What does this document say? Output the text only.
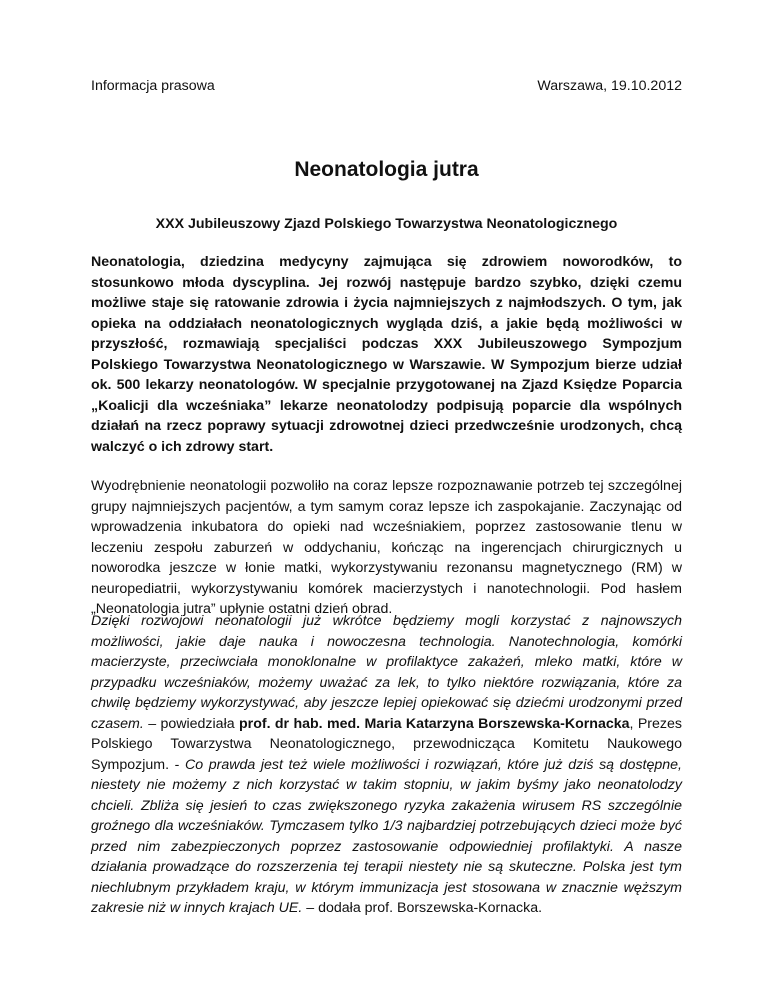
Informacja prasowa	Warszawa, 19.10.2012
Neonatologia jutra
XXX Jubileuszowy Zjazd Polskiego Towarzystwa Neonatologicznego

Neonatologia, dziedzina medycyny zajmująca się zdrowiem noworodków, to stosunkowo młoda dyscyplina. Jej rozwój następuje bardzo szybko, dzięki czemu możliwe staje się ratowanie zdrowia i życia najmniejszych z najmłodszych. O tym, jak opieka na oddziałach neonatologicznych wygląda dziś, a jakie będą możliwości w przyszłość, rozmawiają specjaliści podczas XXX Jubileuszowego Sympozjum Polskiego Towarzystwa Neonatologicznego w Warszawie. W Sympozjum bierze udział ok. 500 lekarzy neonatologów. W specjalnie przygotowanej na Zjazd Księdze Poparcia „Koalicji dla wcześniaka” lekarze neonatolodzy podpisują poparcie dla wspólnych działań na rzecz poprawy sytuacji zdrowotnej dzieci przedwcześnie urodzonych, chcą walczyć o ich zdrowy start.

Wyodrębnienie neonatologii pozwoliło na coraz lepsze rozpoznawanie potrzeb tej szczególnej grupy najmniejszych pacjentów, a tym samym coraz lepsze ich zaspokajanie. Zaczynając od wprowadzenia inkubatora do opieki nad wcześniakiem, poprzez zastosowanie tlenu w leczeniu zespołu zaburzeń w oddychaniu, kończąc na ingerencjach chirurgicznych u noworodka jeszcze w łonie matki, wykorzystywaniu rezonansu magnetycznego (RM) w neuropediatrii, wykorzystywaniu komórek macierzystych i nanotechnologii. Pod hasłem „Neonatologia jutra” upłynie ostatni dzień obrad.

Dzięki rozwojowi neonatologii już wkrótce będziemy mogli korzystać z najnowszych możliwości, jakie daje nauka i nowoczesna technologia. Nanotechnologia, komórki macierzyste, przeciwciała monoklonalne w profilaktyce zakażeń, mleko matki, które w przypadku wcześniaków, możemy uważać za lek, to tylko niektóre rozwiązania, które za chwilę będziemy wykorzystywać, aby jeszcze lepiej opiekować się dziećmi urodzonymi przed czasem. – powiedziała prof. dr hab. med. Maria Katarzyna Borszewska-Kornacka, Prezes Polskiego Towarzystwa Neonatologicznego, przewodnicząca Komitetu Naukowego Sympozjum. - Co prawda jest też wiele możliwości i rozwiązań, które już dziś są dostępne, niestety nie możemy z nich korzystać w takim stopniu, w jakim byśmy jako neonatolodzy chcieli. Zbliża się jesień to czas zwiększonego ryzyka zakażenia wirusem RS szczególnie groźnego dla wcześniaków. Tymczasem tylko 1/3 najbardziej potrzebujących dzieci może być przed nim zabezpieczonych poprzez zastosowanie odpowiedniej profilaktyki. A nasze działania prowadzące do rozszerzenia tej terapii niestety nie są skuteczne. Polska jest tym niechlubnym przykładem kraju, w którym immunizacja jest stosowana w znacznie węższym zakresie niż w innych krajach UE. – dodała prof. Borszewska-Kornacka.
